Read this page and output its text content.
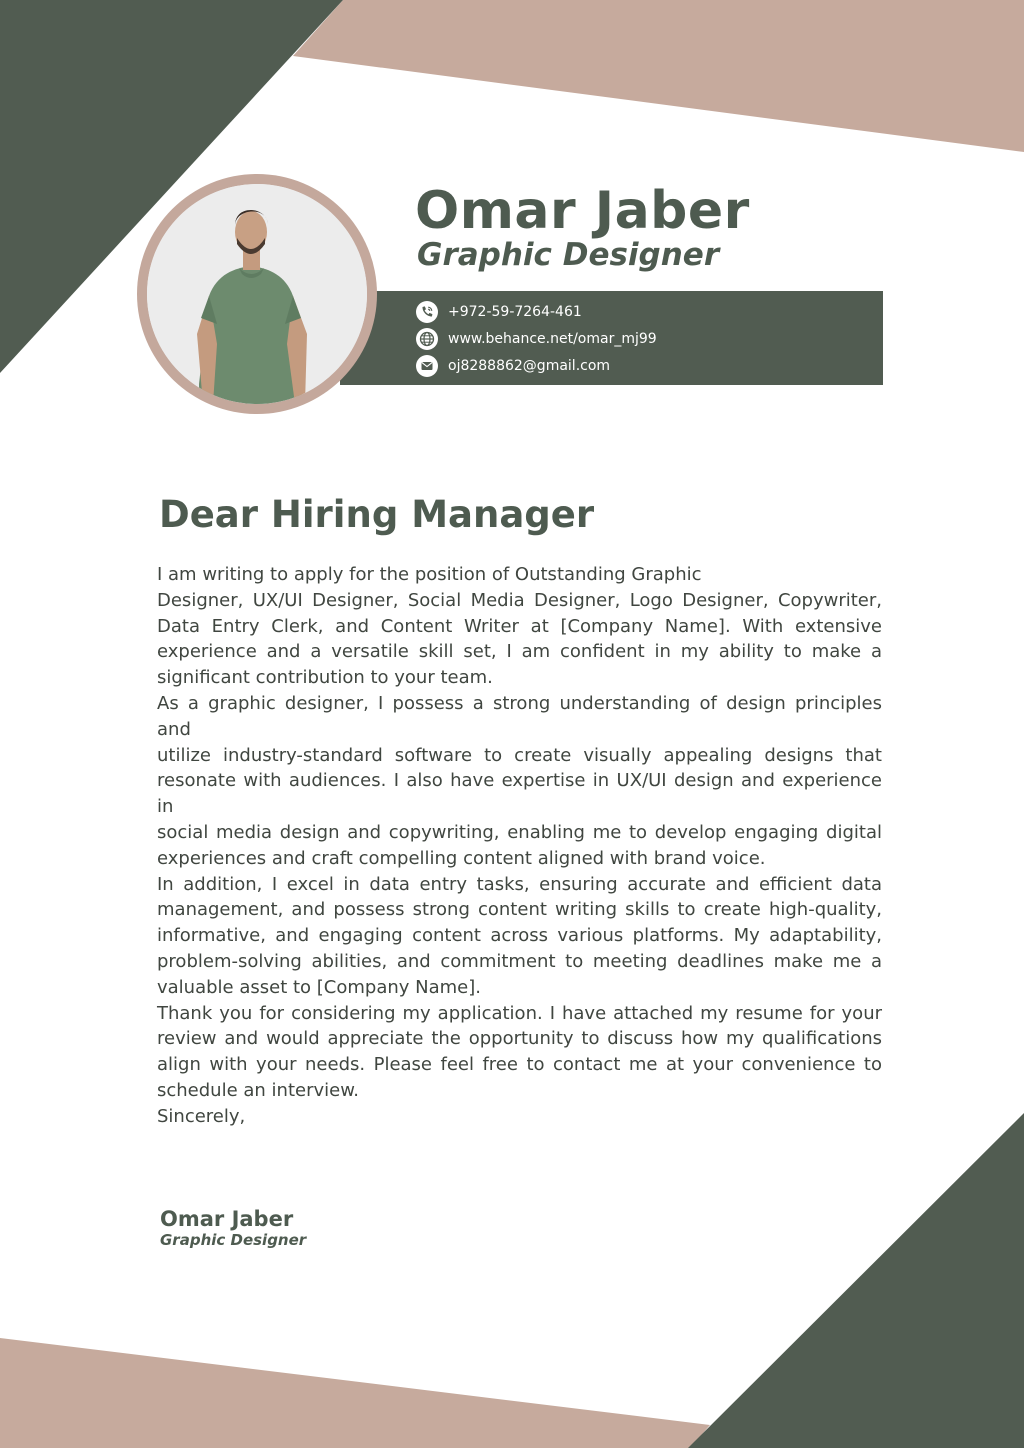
Omar Jaber
Graphic Designer
+972-59-7264-461
www.behance.net/omar_mj99
oj8288862@gmail.com
Dear Hiring Manager

I am writing to apply for the position of Outstanding Graphic

Designer, UX/UI Designer, Social Media Designer, Logo Designer, Copywriter,

Data Entry Clerk, and Content Writer at [Company Name]. With extensive

experience and a versatile skill set, I am confident in my ability to make a

significant contribution to your team.

As a graphic designer, I possess a strong understanding of design principles and

utilize industry-standard software to create visually appealing designs that

resonate with audiences. I also have expertise in UX/UI design and experience in

social media design and copywriting, enabling me to develop engaging digital

experiences and craft compelling content aligned with brand voice.

In addition, I excel in data entry tasks, ensuring accurate and efficient data

management, and possess strong content writing skills to create high-quality,

informative, and engaging content across various platforms. My adaptability,

problem-solving abilities, and commitment to meeting deadlines make me a

valuable asset to [Company Name].

Thank you for considering my application. I have attached my resume for your

review and would appreciate the opportunity to discuss how my qualifications

align with your needs. Please feel free to contact me at your convenience to

schedule an interview.

Sincerely,

Omar Jaber

Graphic Designer
